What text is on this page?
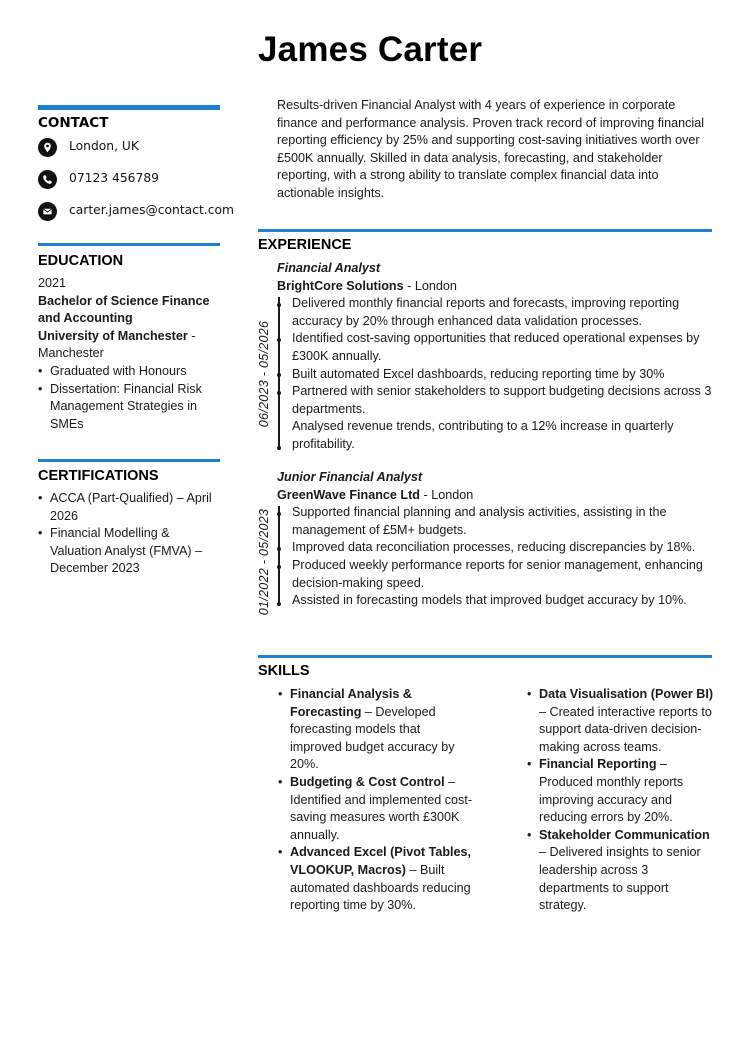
James Carter
CONTACT
London, UK
07123 456789
carter.james@contact.com
EDUCATION
2021
Bachelor of Science Finance and Accounting
University of Manchester - Manchester
• Graduated with Honours
• Dissertation: Financial Risk Management Strategies in SMEs
CERTIFICATIONS
• ACCA (Part-Qualified) – April 2026
• Financial Modelling & Valuation Analyst (FMVA) – December 2023
Results-driven Financial Analyst with 4 years of experience in corporate finance and performance analysis. Proven track record of improving financial reporting efficiency by 25% and supporting cost-saving initiatives worth over £500K annually. Skilled in data analysis, forecasting, and stakeholder reporting, with a strong ability to translate complex financial data into actionable insights.
EXPERIENCE
Financial Analyst
BrightCore Solutions - London
06/2023 - 05/2026
Delivered monthly financial reports and forecasts, improving reporting accuracy by 20% through enhanced data validation processes.
Identified cost-saving opportunities that reduced operational expenses by £300K annually.
Built automated Excel dashboards, reducing reporting time by 30%
Partnered with senior stakeholders to support budgeting decisions across 3 departments.
Analysed revenue trends, contributing to a 12% increase in quarterly profitability.
Junior Financial Analyst
GreenWave Finance Ltd - London
01/2022 - 05/2023 Supported financial planning and analysis activities, assisting in the management of £5M+ budgets.
Improved data reconciliation processes, reducing discrepancies by 18%.
Produced weekly performance reports for senior management, enhancing decision-making speed.
Assisted in forecasting models that improved budget accuracy by 10%.
SKILLS
• Financial Analysis & Forecasting – Developed forecasting models that improved budget accuracy by 20%.
• Budgeting & Cost Control – Identified and implemented cost-saving measures worth £300K annually.
• Advanced Excel (Pivot Tables, VLOOKUP, Macros) – Built automated dashboards reducing reporting time by 30%.
• Data Visualisation (Power BI) – Created interactive reports to support data-driven decision-making across teams.
• Financial Reporting – Produced monthly reports improving accuracy and reducing errors by 20%.
• Stakeholder Communication – Delivered insights to senior leadership across 3 departments to support strategy.
